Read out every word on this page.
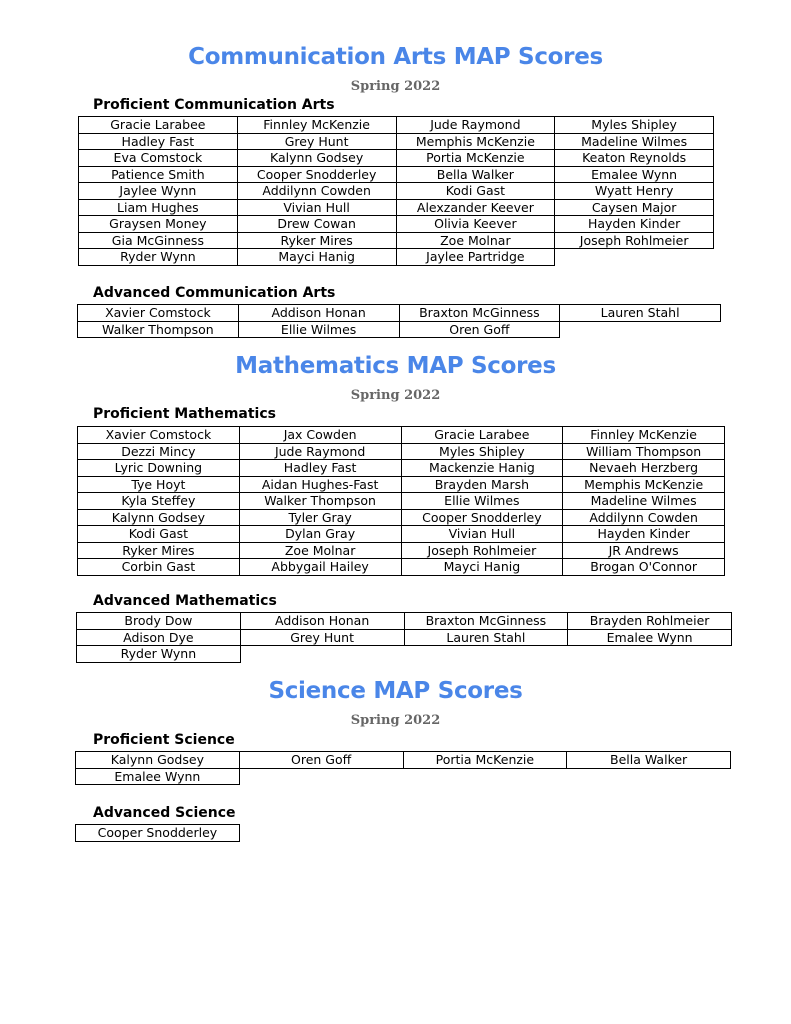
Communication Arts MAP Scores
Spring 2022
Proficient Communication Arts
Gracie Larabee	Finnley McKenzie	Jude Raymond	Myles Shipley
Hadley Fast	Grey Hunt	Memphis McKenzie	Madeline Wilmes
Eva Comstock	Kalynn Godsey	Portia McKenzie	Keaton Reynolds
Patience Smith	Cooper Snodderley	Bella Walker	Emalee Wynn
Jaylee Wynn	Addilynn Cowden	Kodi Gast	Wyatt Henry
Liam Hughes	Vivian Hull	Alexzander Keever	Caysen Major
Graysen Money	Drew Cowan	Olivia Keever	Hayden Kinder
Gia McGinness	Ryker Mires	Zoe Molnar	Joseph Rohlmeier
Ryder Wynn	Mayci Hanig	Jaylee Partridge	
Advanced Communication Arts
Xavier Comstock	Addison Honan	Braxton McGinness	Lauren Stahl
Walker Thompson	Ellie Wilmes	Oren Goff	
Mathematics MAP Scores
Spring 2022
Proficient Mathematics
Xavier Comstock	Jax Cowden	Gracie Larabee	Finnley McKenzie
Dezzi Mincy	Jude Raymond	Myles Shipley	William Thompson
Lyric Downing	Hadley Fast	Mackenzie Hanig	Nevaeh Herzberg
Tye Hoyt	Aidan Hughes-Fast	Brayden Marsh	Memphis McKenzie
Kyla Steffey	Walker Thompson	Ellie Wilmes	Madeline Wilmes
Kalynn Godsey	Tyler Gray	Cooper Snodderley	Addilynn Cowden
Kodi Gast	Dylan Gray	Vivian Hull	Hayden Kinder
Ryker Mires	Zoe Molnar	Joseph Rohlmeier	JR Andrews
Corbin Gast	Abbygail Hailey	Mayci Hanig	Brogan O'Connor
Advanced Mathematics
Brody Dow	Addison Honan	Braxton McGinness	Brayden Rohlmeier
Adison Dye	Grey Hunt	Lauren Stahl	Emalee Wynn
Ryder Wynn			
Science MAP Scores
Spring 2022
Proficient Science
Kalynn Godsey	Oren Goff	Portia McKenzie	Bella Walker
Emalee Wynn			
Advanced Science
Cooper Snodderley			
